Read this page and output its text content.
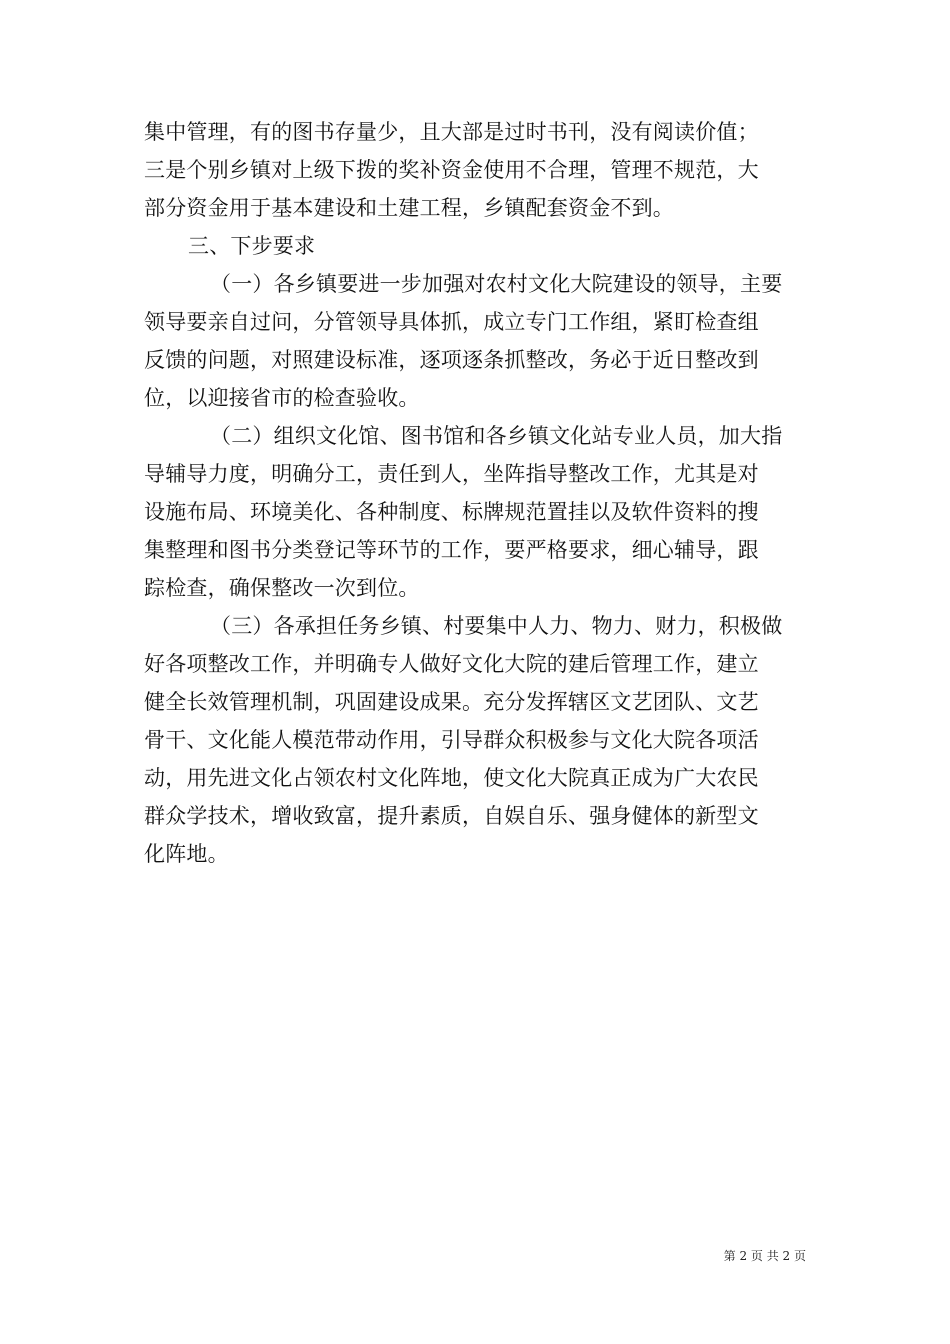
集中管理，有的图书存量少，且大部是过时书刊，没有阅读价值；
三是个别乡镇对上级下拨的奖补资金使用不合理，管理不规范，大
部分资金用于基本建设和土建工程，乡镇配套资金不到。
三、下步要求
（一）各乡镇要进一步加强对农村文化大院建设的领导，主要
领导要亲自过问，分管领导具体抓，成立专门工作组，紧盯检查组
反馈的问题，对照建设标准，逐项逐条抓整改，务必于近日整改到
位，以迎接省市的检查验收。
（二）组织文化馆、图书馆和各乡镇文化站专业人员，加大指
导辅导力度，明确分工，责任到人，坐阵指导整改工作，尤其是对
设施布局、环境美化、各种制度、标牌规范置挂以及软件资料的搜
集整理和图书分类登记等环节的工作，要严格要求，细心辅导，跟
踪检查，确保整改一次到位。
（三）各承担任务乡镇、村要集中人力、物力、财力，积极做
好各项整改工作，并明确专人做好文化大院的建后管理工作，建立
健全长效管理机制，巩固建设成果。充分发挥辖区文艺团队、文艺
骨干、文化能人模范带动作用，引导群众积极参与文化大院各项活
动，用先进文化占领农村文化阵地，使文化大院真正成为广大农民
群众学技术，增收致富，提升素质，自娱自乐、强身健体的新型文
化阵地。
第 2 页 共 2 页
